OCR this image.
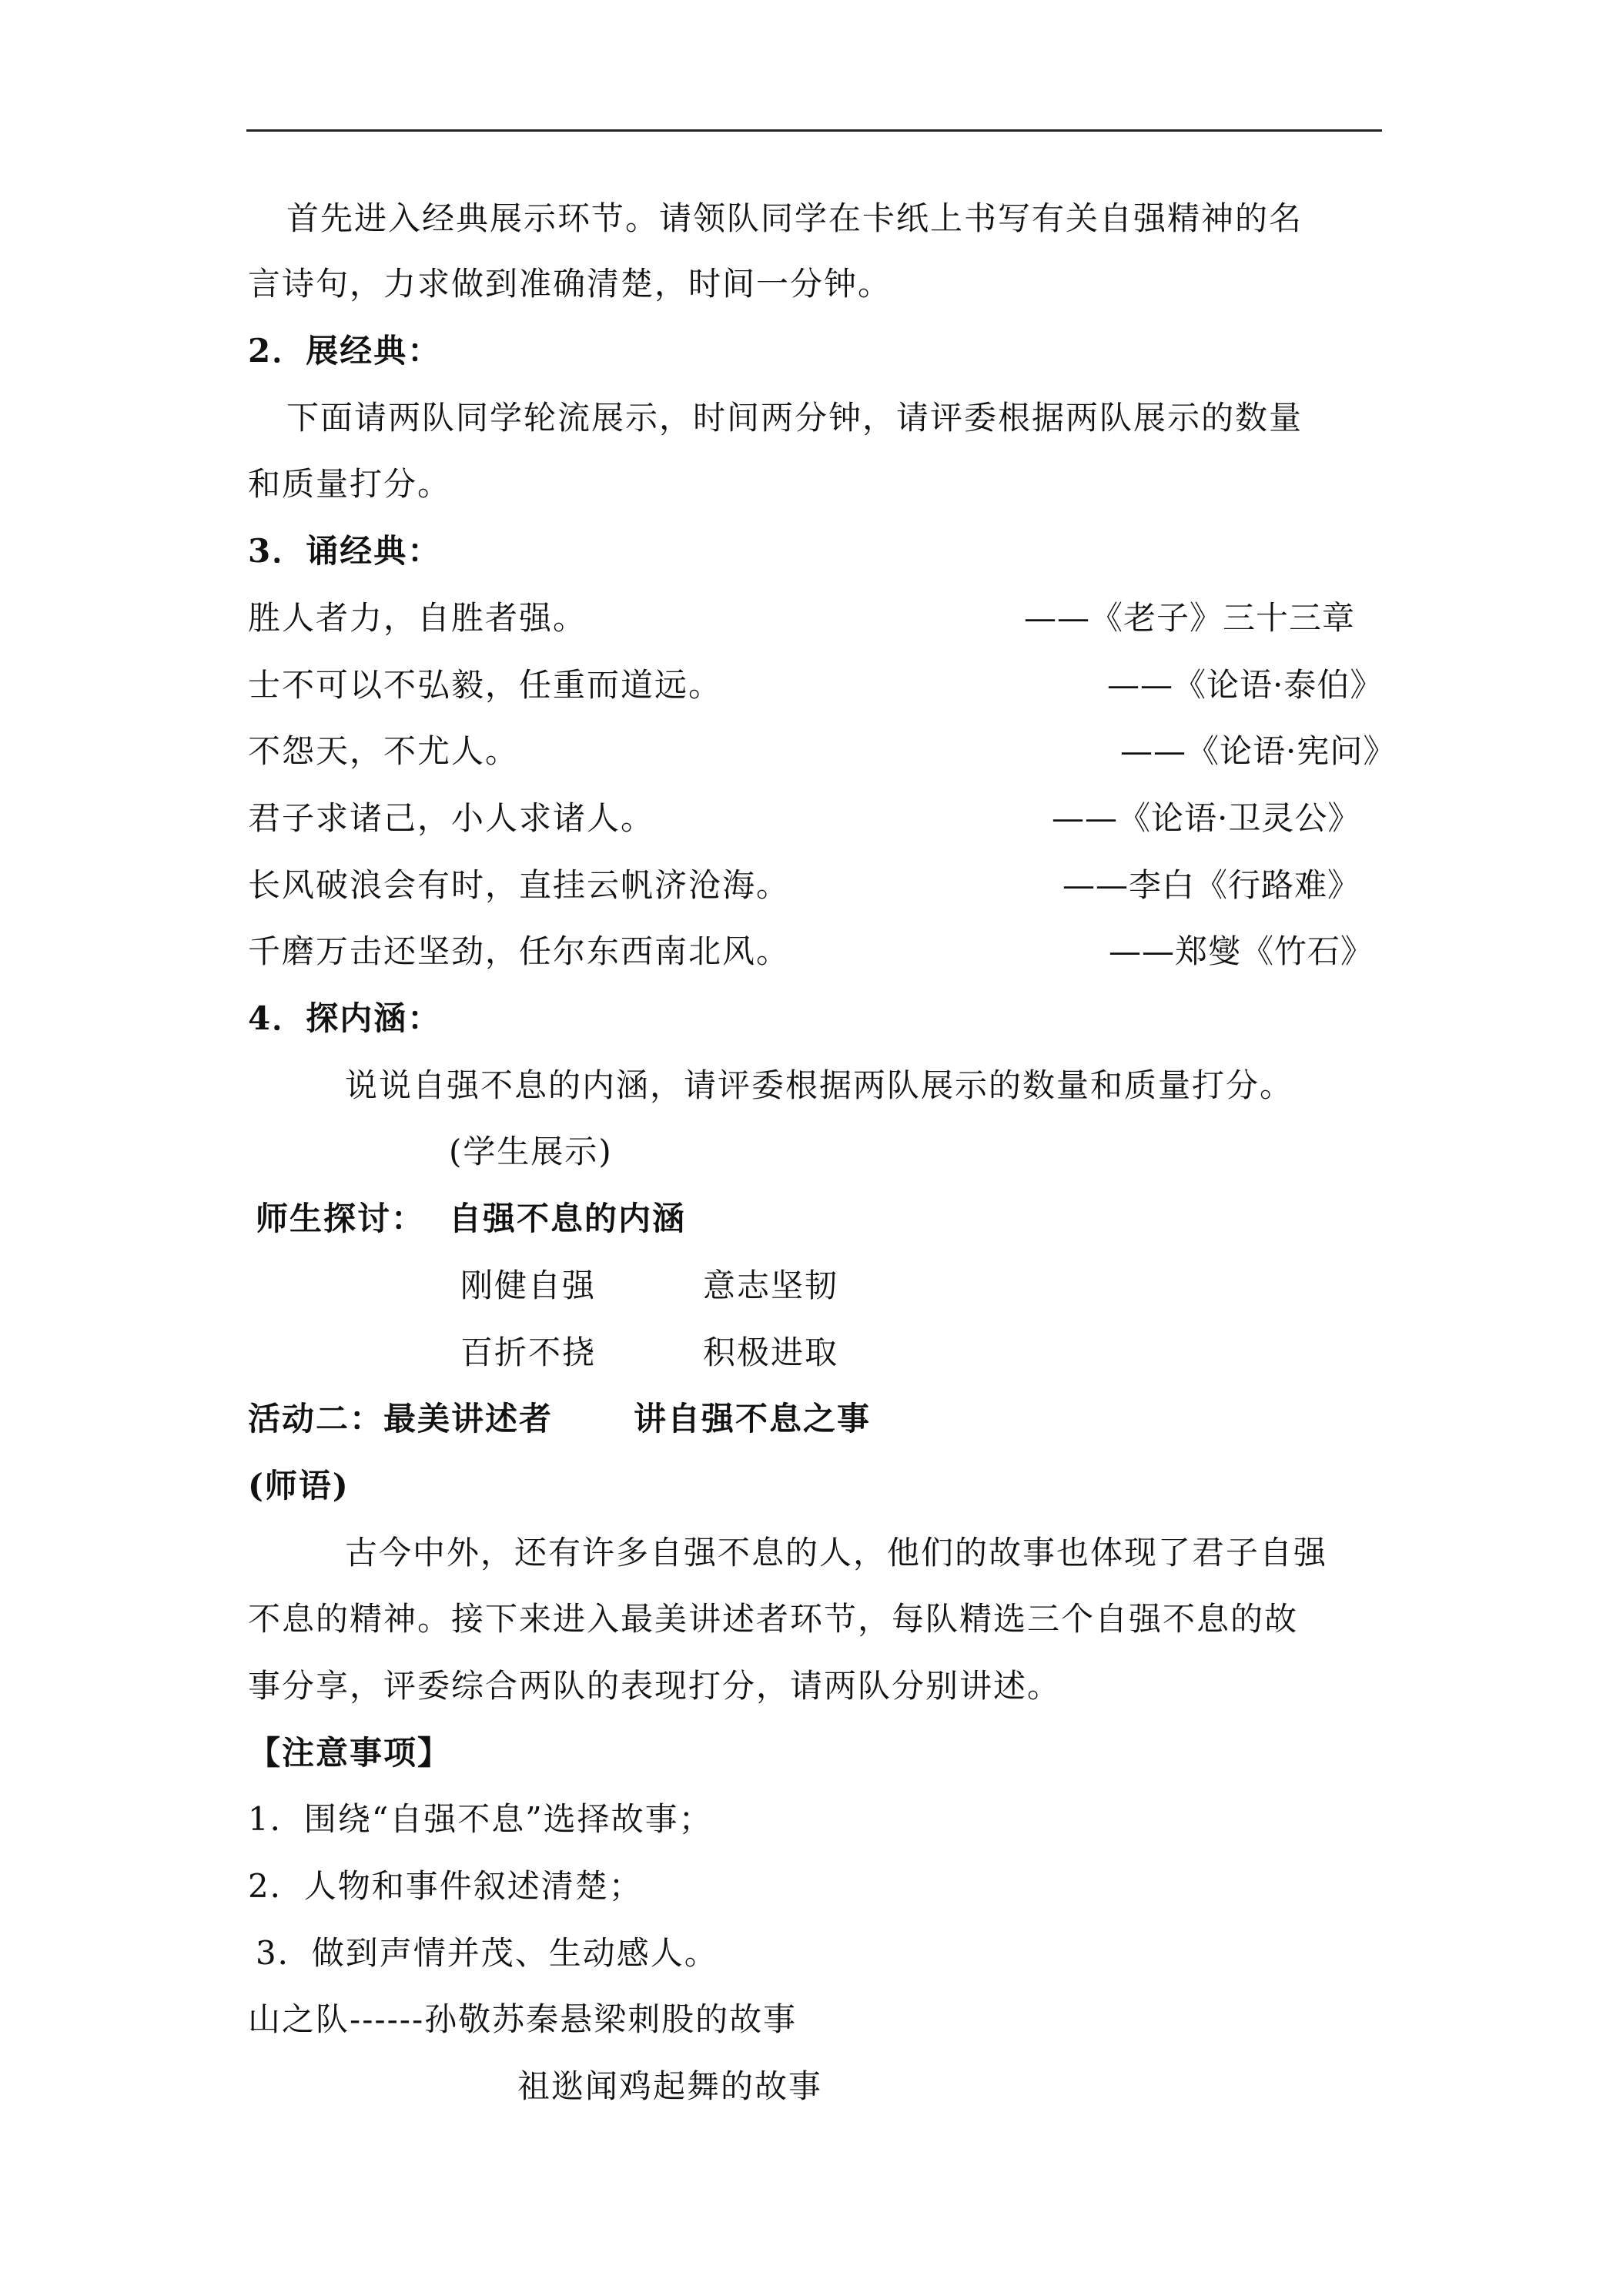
首先进入经典展示环节。请领队同学在卡纸上书写有关自强精神的名
言诗句，力求做到准确清楚，时间一分钟。
2．展经典：
下面请两队同学轮流展示，时间两分钟，请评委根据两队展示的数量
和质量打分。
3．诵经典：
胜人者力，自胜者强。	——《老子》三十三章
士不可以不弘毅，任重而道远。	——《论语·泰伯》
不怨天，不尤人。	——《论语·宪问》
君子求诸己，小人求诸人。	——《论语·卫灵公》
长风破浪会有时，直挂云帆济沧海。	——李白《行路难》
千磨万击还坚劲，任尔东西南北风。	——郑燮《竹石》
4．探内涵：
说说自强不息的内涵，请评委根据两队展示的数量和质量打分。
(学生展示)
师生探讨： 自强不息的内涵
刚健自强	意志坚韧
百折不挠	积极进取
活动二：最美讲述者 讲自强不息之事
(师语)
古今中外，还有许多自强不息的人，他们的故事也体现了君子自强
不息的精神。接下来进入最美讲述者环节，每队精选三个自强不息的故
事分享，评委综合两队的表现打分，请两队分别讲述。
【注意事项】
1．围绕“自强不息”选择故事；
2．人物和事件叙述清楚；
3．做到声情并茂、生动感人。
山之队------孙敬苏秦悬梁刺股的故事
祖逖闻鸡起舞的故事
